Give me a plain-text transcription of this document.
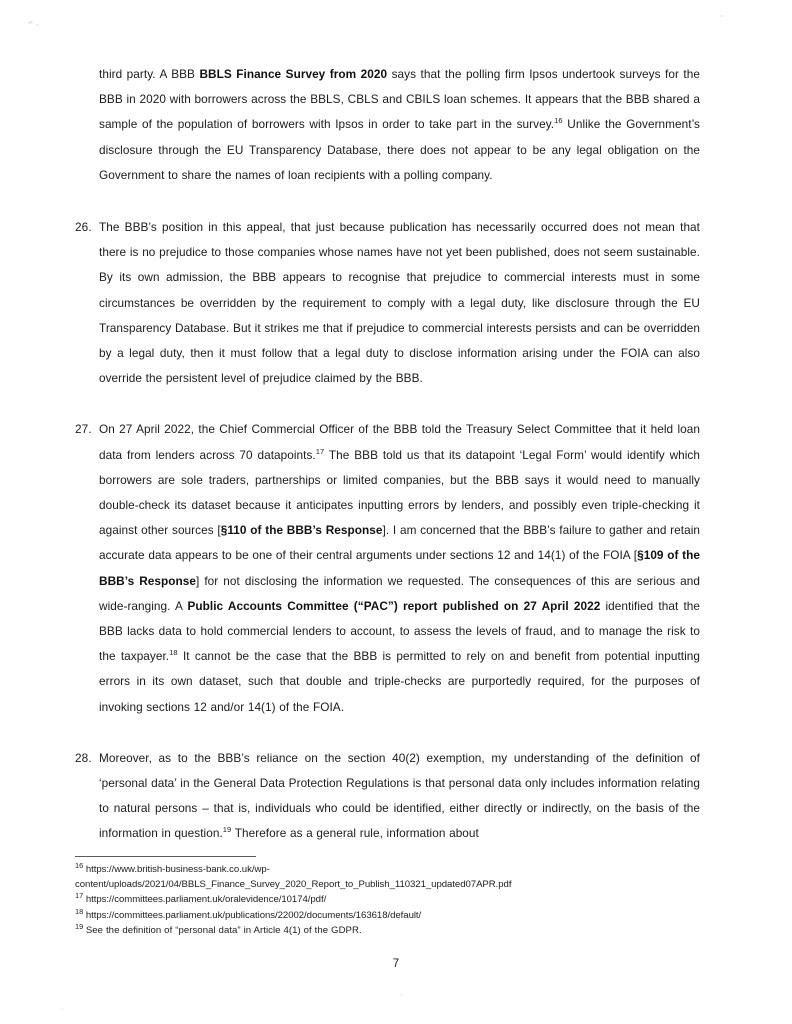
third party. A BBB BBLS Finance Survey from 2020 says that the polling firm Ipsos undertook surveys for the BBB in 2020 with borrowers across the BBLS, CBLS and CBILS loan schemes. It appears that the BBB shared a sample of the population of borrowers with Ipsos in order to take part in the survey.$^{16}$ Unlike the Government’s disclosure through the EU Transparency Database, there does not appear to be any legal obligation on the Government to share the names of loan recipients with a polling company.
26. The BBB’s position in this appeal, that just because publication has necessarily occurred does not mean that there is no prejudice to those companies whose names have not yet been published, does not seem sustainable. By its own admission, the BBB appears to recognise that prejudice to commercial interests must in some circumstances be overridden by the requirement to comply with a legal duty, like disclosure through the EU Transparency Database. But it strikes me that if prejudice to commercial interests persists and can be overridden by a legal duty, then it must follow that a legal duty to disclose information arising under the FOIA can also override the persistent level of prejudice claimed by the BBB.
27. On 27 April 2022, the Chief Commercial Officer of the BBB told the Treasury Select Committee that it held loan data from lenders across 70 datapoints.$^{17}$ The BBB told us that its datapoint ‘Legal Form’ would identify which borrowers are sole traders, partnerships or limited companies, but the BBB says it would need to manually double-check its dataset because it anticipates inputting errors by lenders, and possibly even triple-checking it against other sources [§110 of the BBB’s Response]. I am concerned that the BBB’s failure to gather and retain accurate data appears to be one of their central arguments under sections 12 and 14(1) of the FOIA [§109 of the BBB’s Response] for not disclosing the information we requested. The consequences of this are serious and wide-ranging. A Public Accounts Committee (“PAC”) report published on 27 April 2022 identified that the BBB lacks data to hold commercial lenders to account, to assess the levels of fraud, and to manage the risk to the taxpayer.$^{18}$ It cannot be the case that the BBB is permitted to rely on and benefit from potential inputting errors in its own dataset, such that double and triple-checks are purportedly required, for the purposes of invoking sections 12 and/or 14(1) of the FOIA.
28. Moreover, as to the BBB’s reliance on the section 40(2) exemption, my understanding of the definition of ‘personal data’ in the General Data Protection Regulations is that personal data only includes information relating to natural persons – that is, individuals who could be identified, either directly or indirectly, on the basis of the information in question.$^{19}$ Therefore as a general rule, information about

$^{16}$ https://www.british-business-bank.co.uk/wp-content/uploads/2021/04/BBLS_Finance_Survey_2020_Report_to_Publish_110321_updated07APR.pdf

$^{17}$ https://committees.parliament.uk/oralevidence/10174/pdf/

$^{18}$ https://committees.parliament.uk/publications/22002/documents/163618/default/

$^{19}$ See the definition of “personal data” in Article 4(1) of the GDPR.

7
